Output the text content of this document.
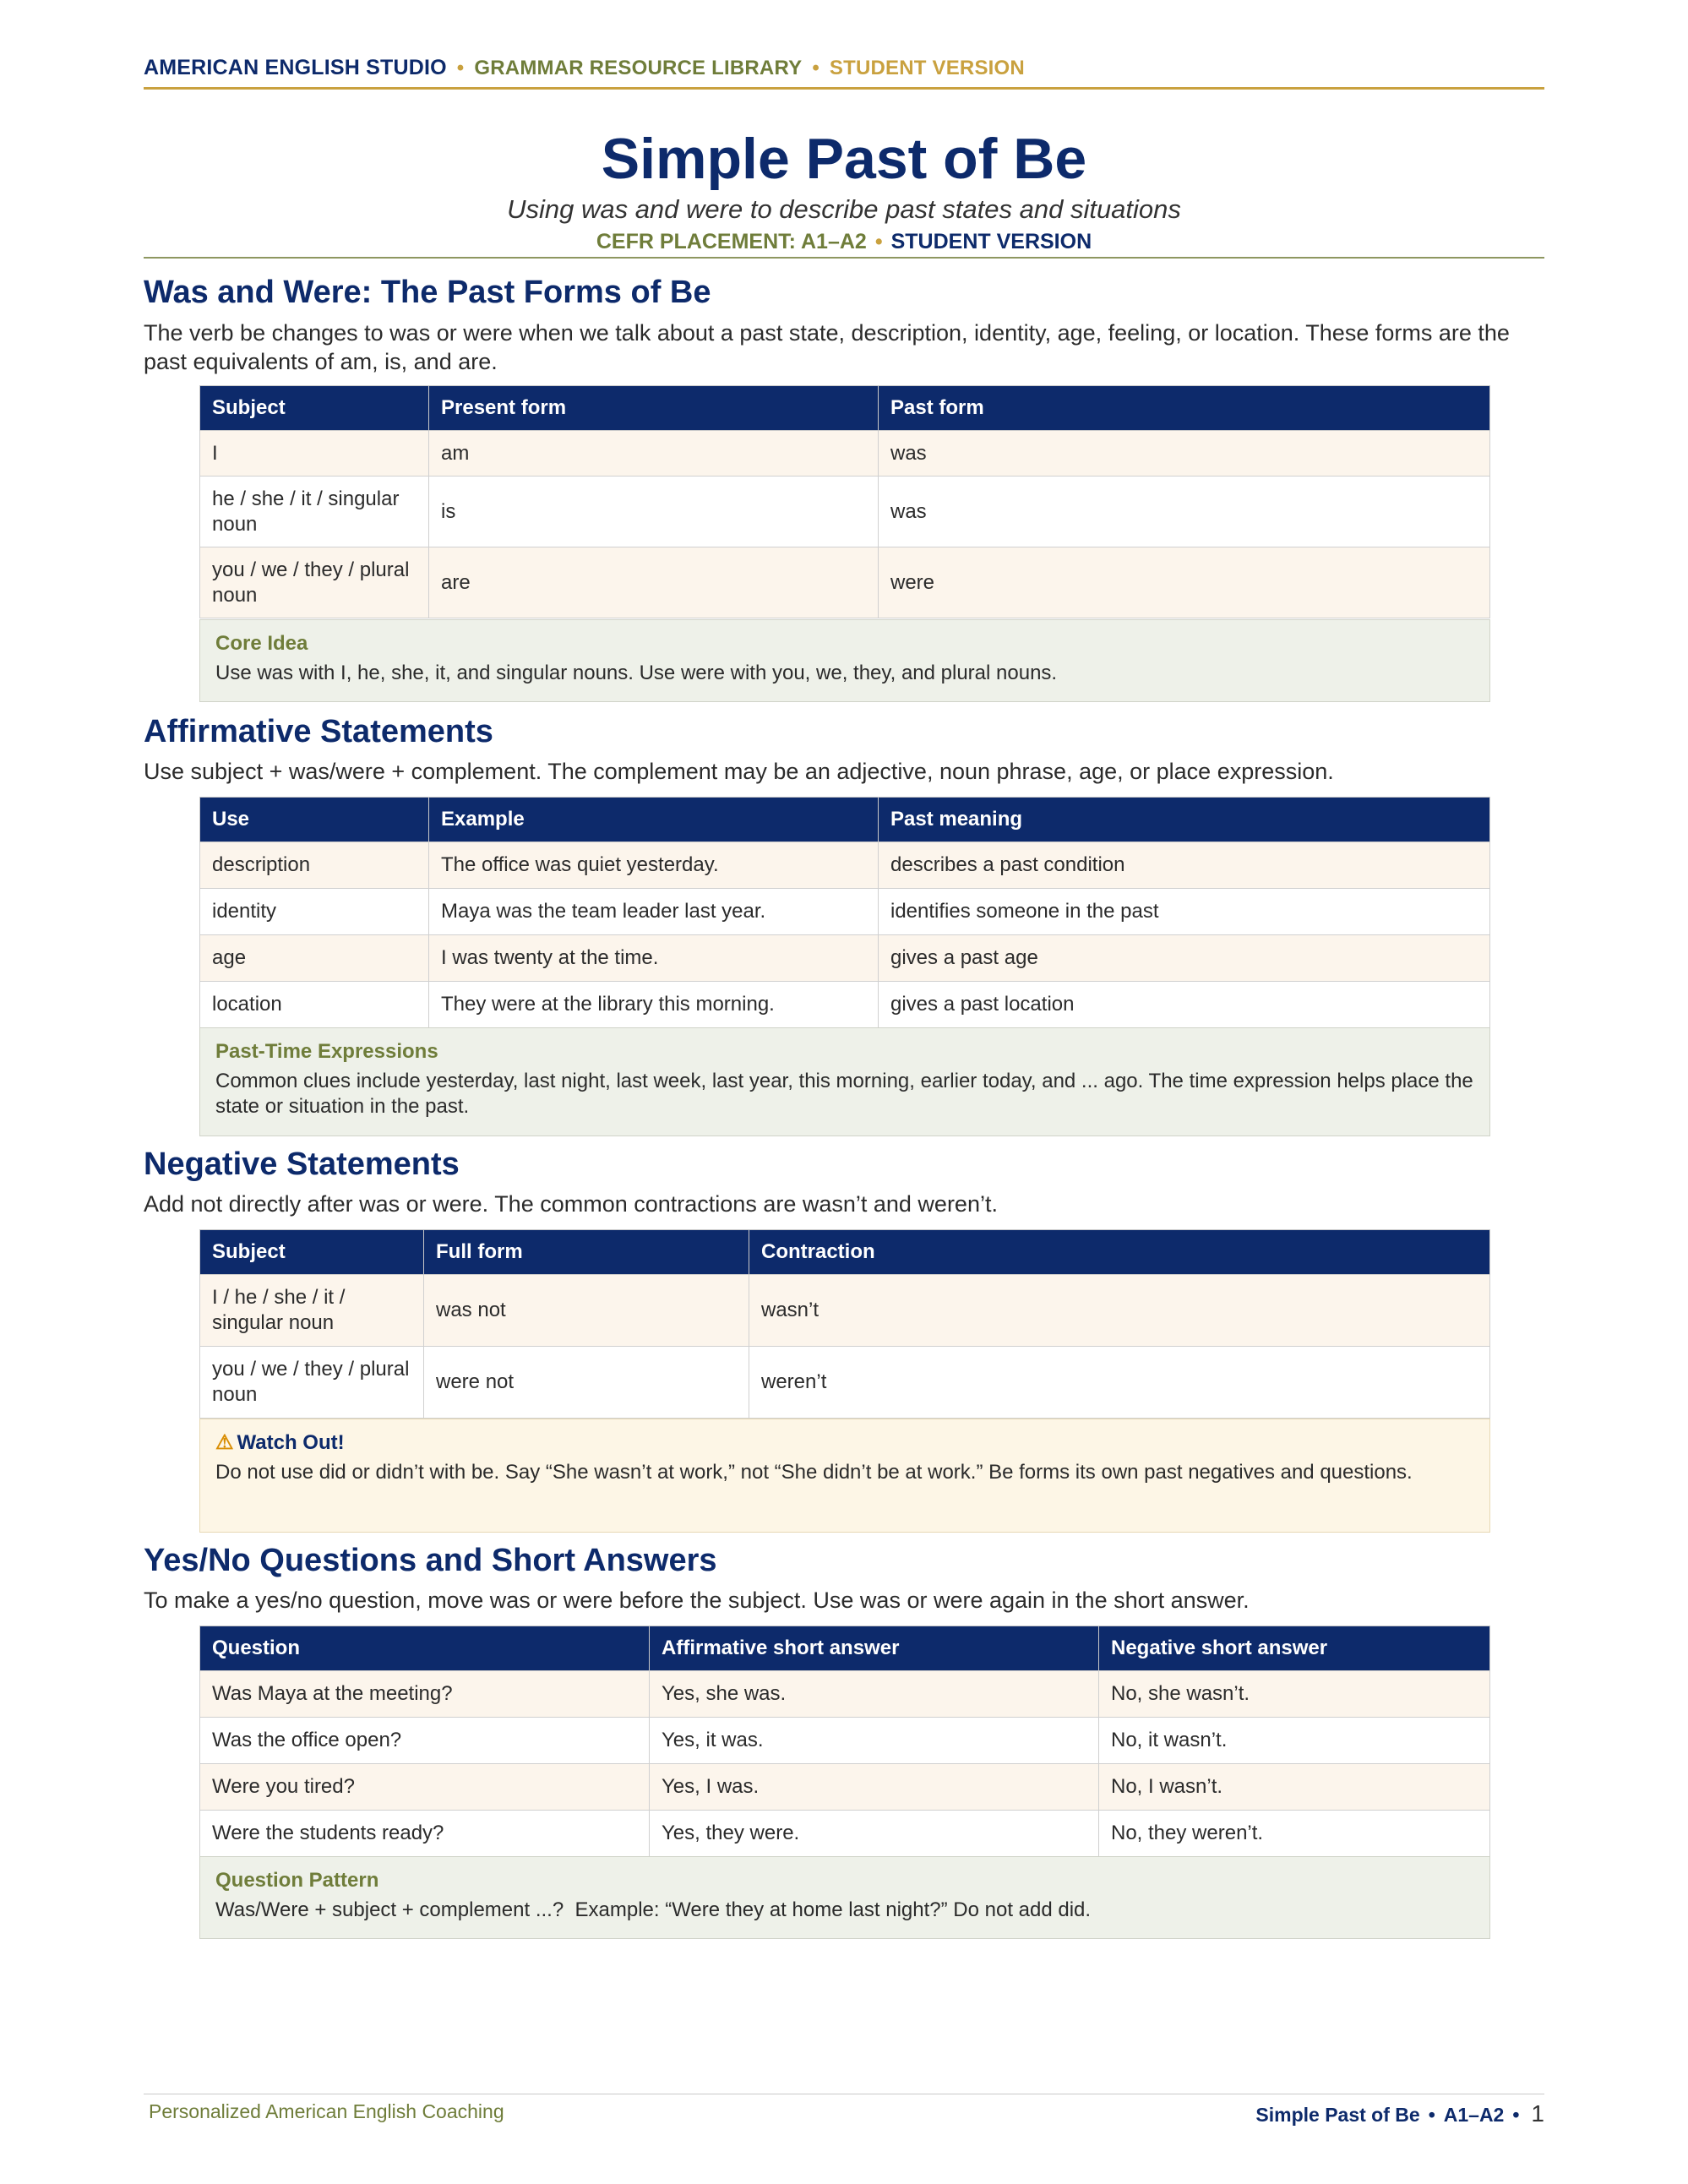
AMERICAN ENGLISH STUDIO • GRAMMAR RESOURCE LIBRARY • STUDENT VERSION
Simple Past of Be
Using was and were to describe past states and situations
CEFR PLACEMENT: A1–A2 • STUDENT VERSION
Was and Were: The Past Forms of Be
The verb be changes to was or were when we talk about a past state, description, identity, age, feeling, or location. These forms are the past equivalents of am, is, and are.
Subject	Present form	Past form
I	am	was
he / she / it / singular noun	is	was
you / we / they / plural noun	are	were
Core Idea
Use was with I, he, she, it, and singular nouns. Use were with you, we, they, and plural nouns.
Affirmative Statements
Use subject + was/were + complement. The complement may be an adjective, noun phrase, age, or place expression.
Use	Example	Past meaning
description	The office was quiet yesterday.	describes a past condition
identity	Maya was the team leader last year.	identifies someone in the past
age	I was twenty at the time.	gives a past age
location	They were at the library this morning.	gives a past location
Past-Time Expressions
Common clues include yesterday, last night, last week, last year, this morning, earlier today, and ... ago. The time expression helps place the state or situation in the past.
Negative Statements
Add not directly after was or were. The common contractions are wasn’t and weren’t.
Subject	Full form	Contraction
I / he / she / it / singular noun	was not	wasn’t
you / we / they / plural noun	were not	weren’t
⚠ Watch Out!
Do not use did or didn’t with be. Say “She wasn’t at work,” not “She didn’t be at work.” Be forms its own past negatives and questions.
Yes/No Questions and Short Answers
To make a yes/no question, move was or were before the subject. Use was or were again in the short answer.
Question	Affirmative short answer	Negative short answer
Was Maya at the meeting?	Yes, she was.	No, she wasn’t.
Was the office open?	Yes, it was.	No, it wasn’t.
Were you tired?	Yes, I was.	No, I wasn’t.
Were the students ready?	Yes, they were.	No, they weren’t.
Question Pattern
Was/Were + subject + complement ...?  Example: “Were they at home last night?” Do not add did.
Personalized American English Coaching	Simple Past of Be • A1–A2 • 1
